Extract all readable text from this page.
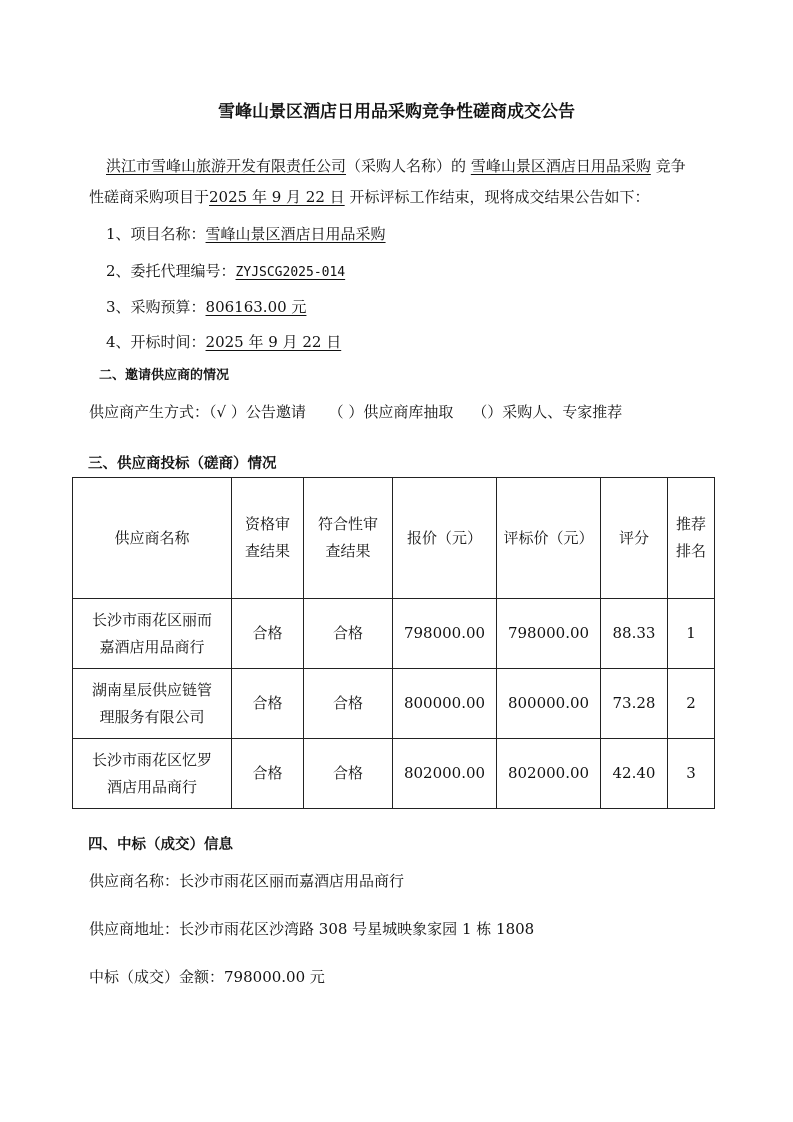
雪峰山景区酒店日用品采购竞争性磋商成交公告
洪江市雪峰山旅游开发有限责任公司（采购人名称）的 雪峰山景区酒店日用品采购 竞争
性磋商采购项目于2025 年 9 月 22 日 开标评标工作结束，现将成交结果公告如下：
1、项目名称：雪峰山景区酒店日用品采购
2、委托代理编号：ZYJSCG2025-014
3、采购预算：806163.00 元
4、开标时间：2025 年 9 月 22 日
二、邀请供应商的情况
供应商产生方式：（√ ）公告邀请 （ ）供应商库抽取 （）采购人、专家推荐
三、供应商投标（磋商）情况
供应商名称	资格审查结果	符合性审查结果	报价（元）	评标价（元）	评分	推荐排名
长沙市雨花区丽而嘉酒店用品商行	合格	合格	798000.00	798000.00	88.33	1
湖南星辰供应链管理服务有限公司	合格	合格	800000.00	800000.00	73.28	2
长沙市雨花区忆罗酒店用品商行	合格	合格	802000.00	802000.00	42.40	3
四、中标（成交）信息
供应商名称：长沙市雨花区丽而嘉酒店用品商行
供应商地址：长沙市雨花区沙湾路 308 号星城映象家园 1 栋 1808
中标（成交）金额：798000.00 元
